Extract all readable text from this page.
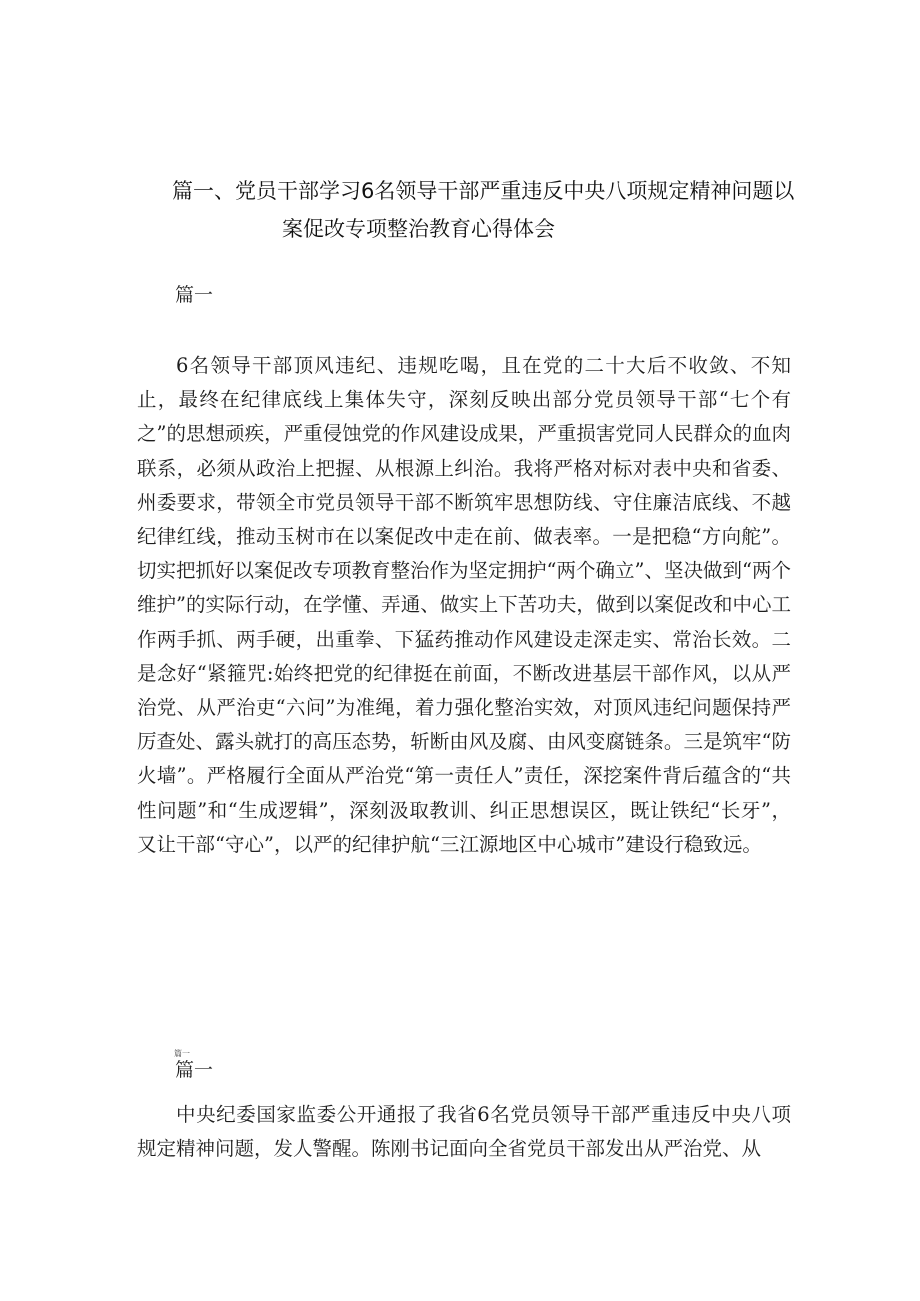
篇一、党员干部学习6名领导干部严重违反中央八项规定精神问题以
案促改专项整治教育心得体会
篇一

6名领导干部顶风违纪、违规吃喝，且在党的二十大后不收敛、不知止，最终在纪律底线上集体失守，深刻反映出部分党员领导干部“七个有之”的思想顽疾，严重侵蚀党的作风建设成果，严重损害党同人民群众的血肉联系，必须从政治上把握、从根源上纠治。我将严格对标对表中央和省委、州委要求，带领全市党员领导干部不断筑牢思想防线、守住廉洁底线、不越纪律红线，推动玉树市在以案促改中走在前、做表率。一是把稳“方向舵”。切实把抓好以案促改专项教育整治作为坚定拥护“两个确立”、坚决做到“两个维护”的实际行动，在学懂、弄通、做实上下苦功夫，做到以案促改和中心工作两手抓、两手硬，出重拳、下猛药推动作风建设走深走实、常治长效。二是念好“紧箍咒:始终把党的纪律挺在前面，不断改进基层干部作风，以从严治党、从严治吏“六问”为准绳，着力强化整治实效，对顶风违纪问题保持严厉查处、露头就打的高压态势，斩断由风及腐、由风变腐链条。三是筑牢“防火墙”。严格履行全面从严治党“第一责任人”责任，深挖案件背后蕴含的“共性问题”和“生成逻辑”，深刻汲取教训、纠正思想误区，既让铁纪“长牙”，又让干部“守心”，以严的纪律护航“三江源地区中心城市”建设行稳致远。

篇一
篇一

中央纪委国家监委公开通报了我省6名党员领导干部严重违反中央八项规定精神问题，发人警醒。陈刚书记面向全省党员干部发出从严治党、从
